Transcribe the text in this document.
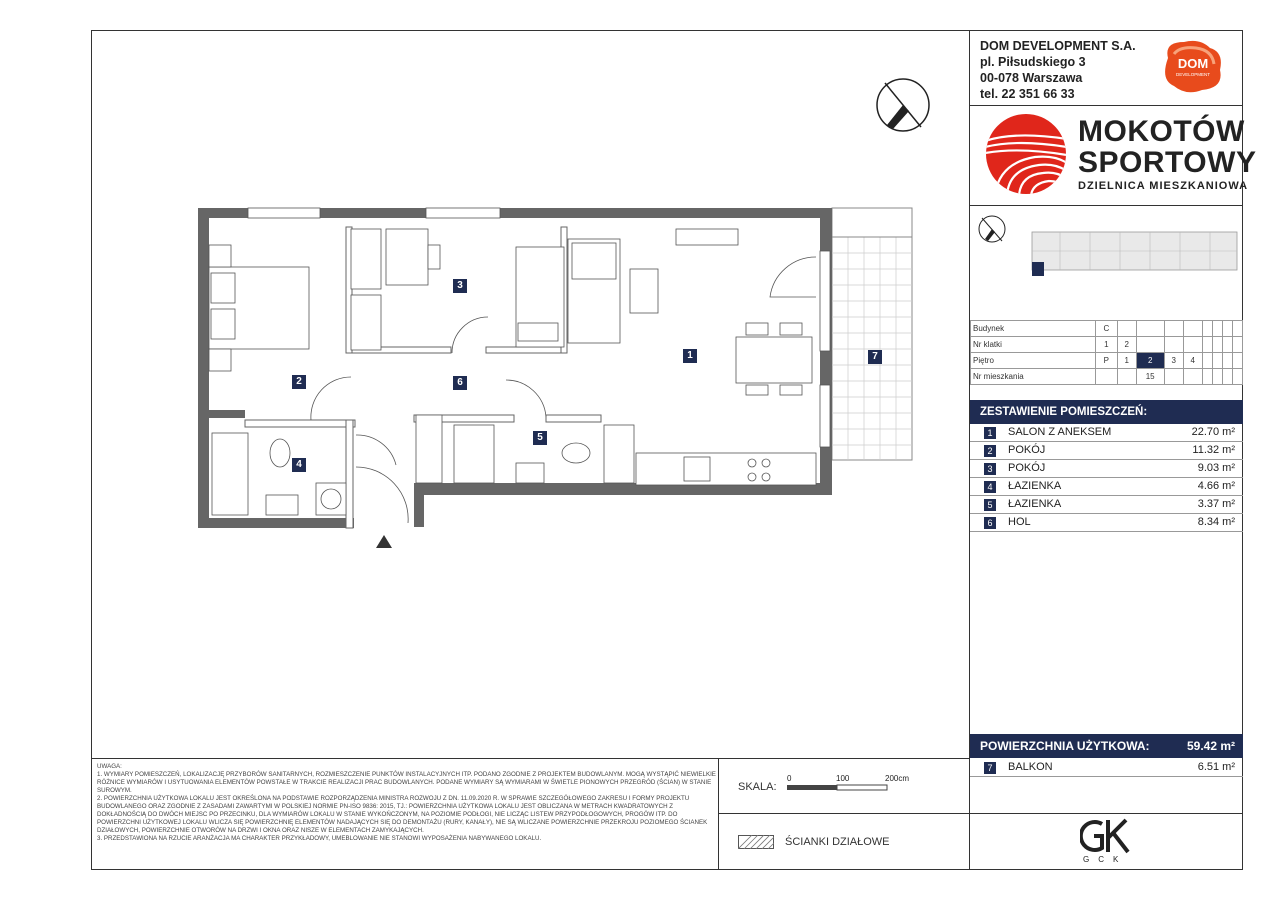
DOM DEVELOPMENT S.A.
pl. Piłsudskiego 3
00-078 Warszawa
tel. 22 351 66 33
DOM
DEVELOPMENT
MOKOTÓW
SPORTOWY
DZIELNICA MIESZKANIOWA
Budynek	C								
Nr klatki	1	2							
Piętro	P	1	2	3	4				
Nr mieszkania			15						
ZESTAWIENIE POMIESZCZEŃ:
1	SALON Z ANEKSEM	22.70 m²
2	POKÓJ	11.32 m²
3	POKÓJ	9.03 m²
4	ŁAZIENKA	4.66 m²
5	ŁAZIENKA	3.37 m²
6	HOL	8.34 m²
POWIERZCHNIA UŻYTKOWA:	59.42 m²
7	BALKON	6.51 m²
UWAGA:
1. WYMIARY POMIESZCZEŃ, LOKALIZACJĘ PRZYBORÓW SANITARNYCH, ROZMIESZCZENIE PUNKTÓW INSTALACYJNYCH ITP. PODANO ZGODNIE Z PROJEKTEM BUDOWLANYM. MOGĄ WYSTĄPIĆ NIEWIELKIE RÓŻNICE WYMIARÓW I USYTUOWANIA ELEMENTÓW POWSTAŁE W TRAKCIE REALIZACJI PRAC BUDOWLANYCH. PODANE WYMIARY SĄ WYMIARAMI W ŚWIETLE PIONOWYCH PRZEGRÓD (ŚCIAN) W STANIE SUROWYM.
2. POWIERZCHNIA UŻYTKOWA LOKALU JEST OKREŚLONA NA PODSTAWIE ROZPORZĄDZENIA MINISTRA ROZWOJU Z DN. 11.09.2020 R. W SPRAWIE SZCZEGÓŁOWEGO ZAKRESU I FORMY PROJEKTU BUDOWLANEGO ORAZ ZGODNIE Z ZASADAMI ZAWARTYMI W POLSKIEJ NORMIE PN-ISO 9836: 2015, TJ.: POWIERZCHNIA UŻYTKOWA LOKALU JEST OBLICZANA W METRACH KWADRATOWYCH Z DOKŁADNOŚCIĄ DO DWÓCH MIEJSC PO PRZECINKU, DLA WYMIARÓW LOKALU W STANIE WYKOŃCZONYM, NA POZIOMIE PODŁOGI, NIE LICZĄC LISTEW PRZYPODŁOGOWYCH, PROGÓW ITP. DO POWIERZCHNI UŻYTKOWEJ LOKALU WLICZA SIĘ POWIERZCHNIĘ ELEMENTÓW NADAJĄCYCH SIĘ DO DEMONTAŻU (RURY, KANAŁY), NIE SĄ WLICZANE POWIERZCHNIE PRZEKROJU POZIOMEGO ŚCIANEK DZIAŁOWYCH, POWIERZCHNIE OTWORÓW NA DRZWI I OKNA ORAZ NISZE W ELEMENTACH ZAMYKAJĄCYCH.
3. PRZEDSTAWIONA NA RZUCIE ARANŻACJA MA CHARAKTER PRZYKŁADOWY, UMEBLOWANIE NIE STANOWI WYPOSAŻENIA NABYWANEGO LOKALU.
SKALA:
0	100	200cm
ŚCIANKI DZIAŁOWE
GCK
1
2
3
4
5
6
7
